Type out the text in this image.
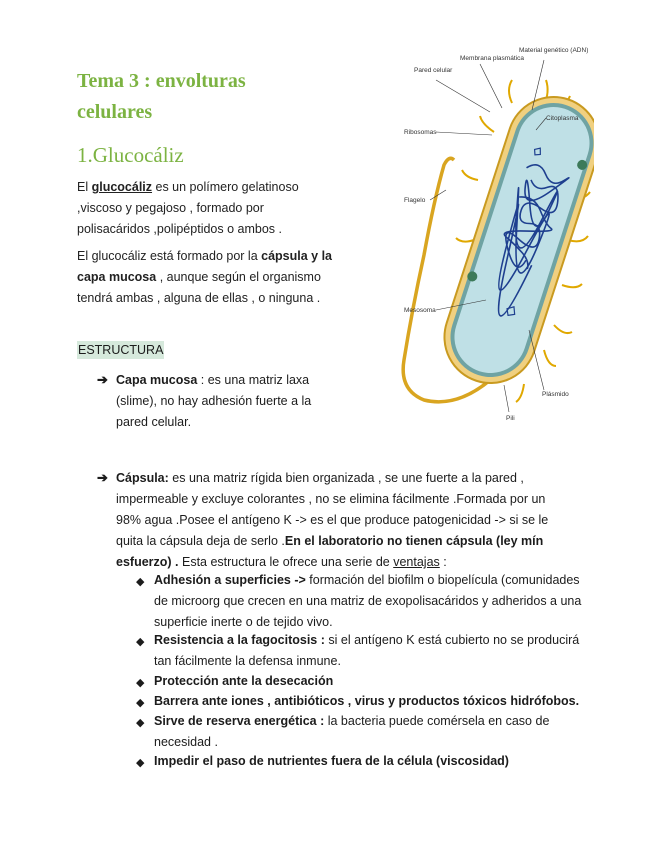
Tema 3 : envolturas celulares
1.Glucocáliz
El glucocáliz es un polímero gelatinoso ,viscoso y pegajoso , formado por polisacáridos ,polipéptidos o ambos .
El glucocáliz está formado por la cápsula y la capa mucosa , aunque según el organismo tendrá ambas , alguna de ellas , o ninguna .
ESTRUCTURA
➔ Capa mucosa : es una matriz laxa (slime), no hay adhesión fuerte a la pared celular.
➔ Cápsula: es una matriz rígida bien organizada , se une fuerte a la pared , impermeable y excluye colorantes , no se elimina fácilmente .Formada por un 98% agua .Posee el antígeno K -> es el que produce patogenicidad -> si se le quita la cápsula deja de serlo .En el laboratorio no tienen cápsula (ley mín esfuerzo) . Esta estructura le ofrece una serie de ventajas :
◆ Adhesión a superficies -> formación del biofilm o biopelícula (comunidades de microorg que crecen en una matriz de exopolisacáridos y adheridos a una superficie inerte o de tejido vivo.
◆ Resistencia a la fagocitosis : si el antígeno K está cubierto no se producirá tan fácilmente la defensa inmune.
◆ Protección ante la desecación
◆ Barrera ante iones , antibióticos , virus y productos tóxicos hidrófobos.
◆ Sirve de reserva energética : la bacteria puede comérsela en caso de necesidad .
◆ Impedir el paso de nutrientes fuera de la célula (viscosidad)
Membrana plasmática
Pared celular
Material genético (ADN)
Ribosomas
Citoplasma
Flagelo
Mesosoma
Plásmido
Pili
